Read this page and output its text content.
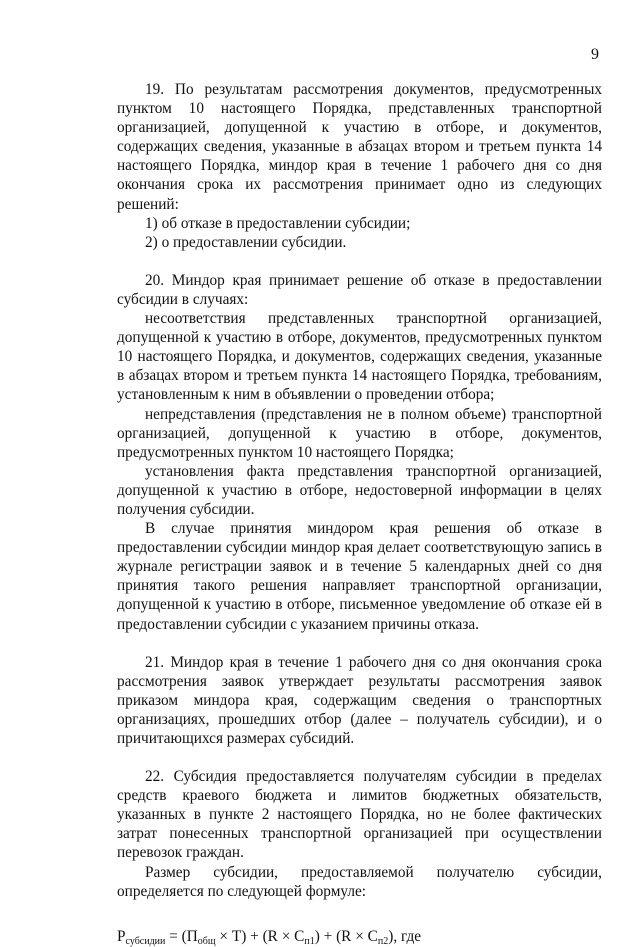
9

19. По результатам рассмотрения документов, предусмотренных пунктом 10 настоящего Порядка, представленных транспортной организацией, допущенной к участию в отборе, и документов, содержащих сведения, указанные в абзацах втором и третьем пункта 14 настоящего Порядка, миндор края в течение 1 рабочего дня со дня окончания срока их рассмотрения принимает одно из следующих решений:

1) об отказе в предоставлении субсидии;

2) о предоставлении субсидии.

20. Миндор края принимает решение об отказе в предоставлении субсидии в случаях:

несоответствия представленных транспортной организацией, допущенной к участию в отборе, документов, предусмотренных пунктом 10 настоящего Порядка, и документов, содержащих сведения, указанные в абзацах втором и третьем пункта 14 настоящего Порядка, требованиям, установленным к ним в объявлении о проведении отбора;

непредставления (представления не в полном объеме) транспортной организацией, допущенной к участию в отборе, документов, предусмотренных пунктом 10 настоящего Порядка;

установления факта представления транспортной организацией, допущенной к участию в отборе, недостоверной информации в целях получения субсидии.

В случае принятия миндором края решения об отказе в предоставлении субсидии миндор края делает соответствующую запись в журнале регистрации заявок и в течение 5 календарных дней со дня принятия такого решения направляет транспортной организации, допущенной к участию в отборе, письменное уведомление об отказе ей в предоставлении субсидии с указанием причины отказа.

21. Миндор края в течение 1 рабочего дня со дня окончания срока рассмотрения заявок утверждает результаты рассмотрения заявок приказом миндора края, содержащим сведения о транспортных организациях, прошедших отбор (далее – получатель субсидии), и о причитающихся размерах субсидий.

22. Субсидия предоставляется получателям субсидии в пределах средств краевого бюджета и лимитов бюджетных обязательств, указанных в пункте 2 настоящего Порядка, но не более фактических затрат понесенных транспортной организацией при осуществлении перевозок граждан.

Размер субсидии, предоставляемой получателю субсидии, определяется по следующей формуле:

$Р_{субсидии} = (П_{общ} \times Т) + (R \times С_{п1}) + (R \times С_{п2})$, где
